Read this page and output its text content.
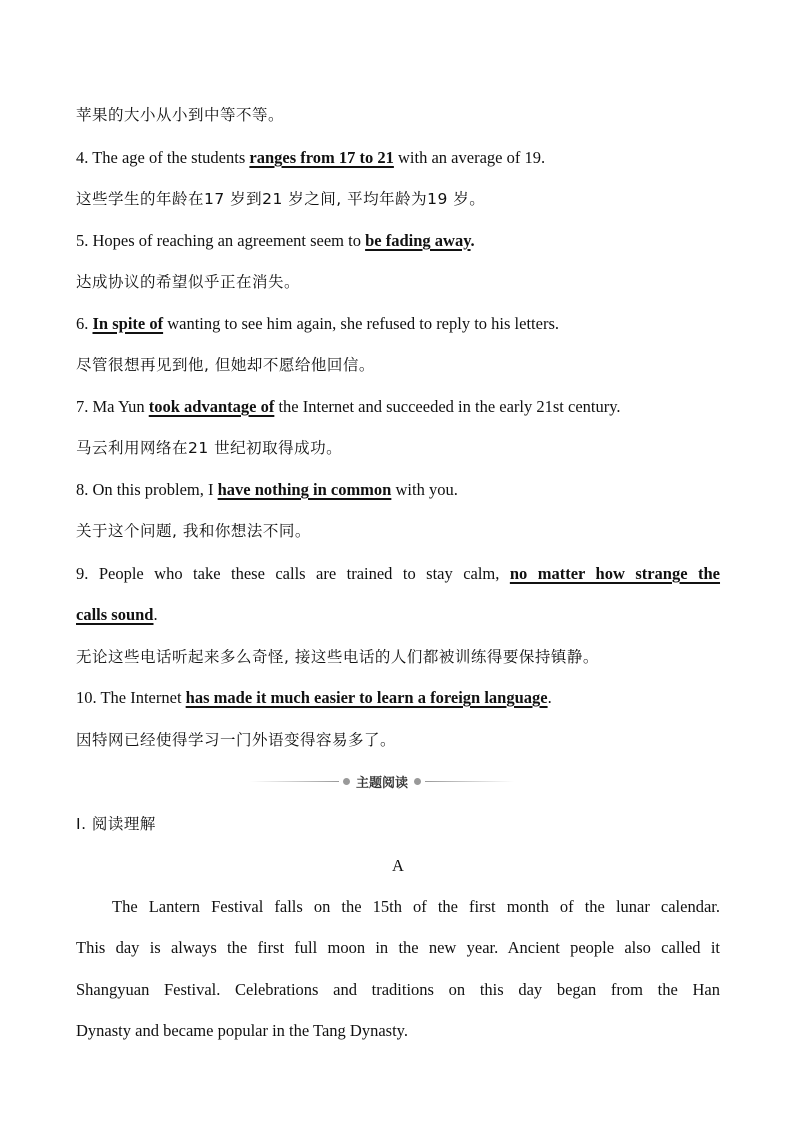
苹果的大小从小到中等不等。
4. The age of the students ranges from 17 to 21 with an average of 19.
这些学生的年龄在17 岁到21 岁之间, 平均年龄为19 岁。
5. Hopes of reaching an agreement seem to be fading away.
达成协议的希望似乎正在消失。
6. In spite of wanting to see him again, she refused to reply to his letters.
尽管很想再见到他, 但她却不愿给他回信。
7. Ma Yun took advantage of the Internet and succeeded in the early 21st century.
马云利用网络在21 世纪初取得成功。
8. On this problem, I have nothing in common with you.
关于这个问题, 我和你想法不同。
9. People who take these calls are trained to stay calm, no matter how strange the
calls sound.
无论这些电话听起来多么奇怪, 接这些电话的人们都被训练得要保持镇静。
10. The Internet has made it much easier to learn a foreign language.
因特网已经使得学习一门外语变得容易多了。
主题阅读
Ⅰ. 阅读理解
A
The Lantern Festival falls on the 15th of the first month of the lunar calendar.
This day is always the first full moon in the new year. Ancient people also called it
Shangyuan Festival. Celebrations and traditions on this day began from the Han
Dynasty and became popular in the Tang Dynasty.
